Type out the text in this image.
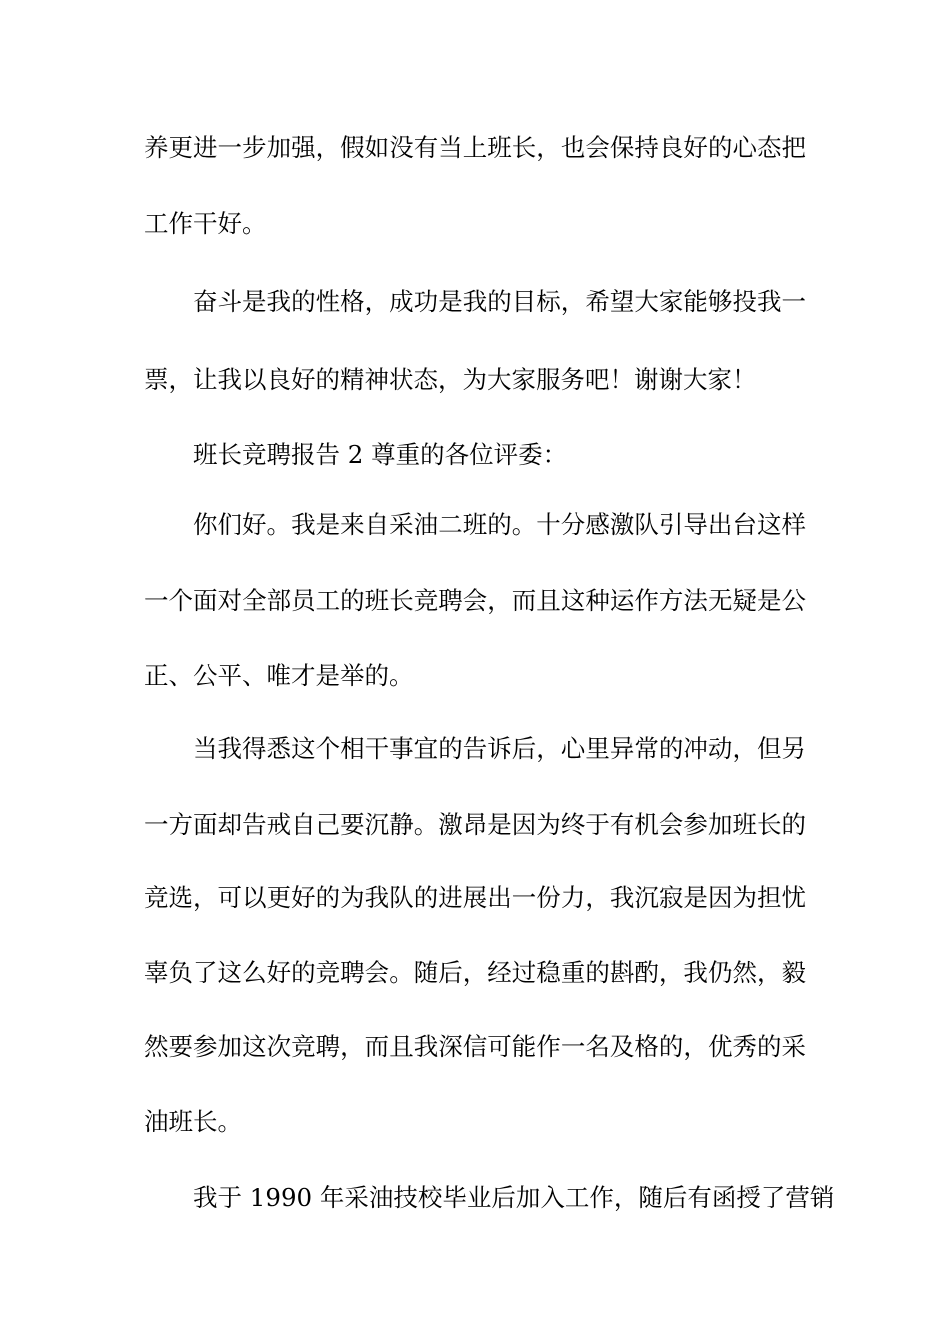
养更进一步加强，假如没有当上班长，也会保持良好的心态把
工作干好。
奋斗是我的性格，成功是我的目标，希望大家能够投我一
票，让我以良好的精神状态，为大家服务吧！谢谢大家！
班长竞聘报告 2 尊重的各位评委：
你们好。我是来自采油二班的。十分感激队引导出台这样
一个面对全部员工的班长竞聘会，而且这种运作方法无疑是公
正、公平、唯才是举的。
当我得悉这个相干事宜的告诉后，心里异常的冲动，但另
一方面却告戒自己要沉静。激昂是因为终于有机会参加班长的
竞选，可以更好的为我队的进展出一份力，我沉寂是因为担忧
辜负了这么好的竞聘会。随后，经过稳重的斟酌，我仍然，毅
然要参加这次竞聘，而且我深信可能作一名及格的，优秀的采
油班长。
我于 1990 年采油技校毕业后加入工作，随后有函授了营销
